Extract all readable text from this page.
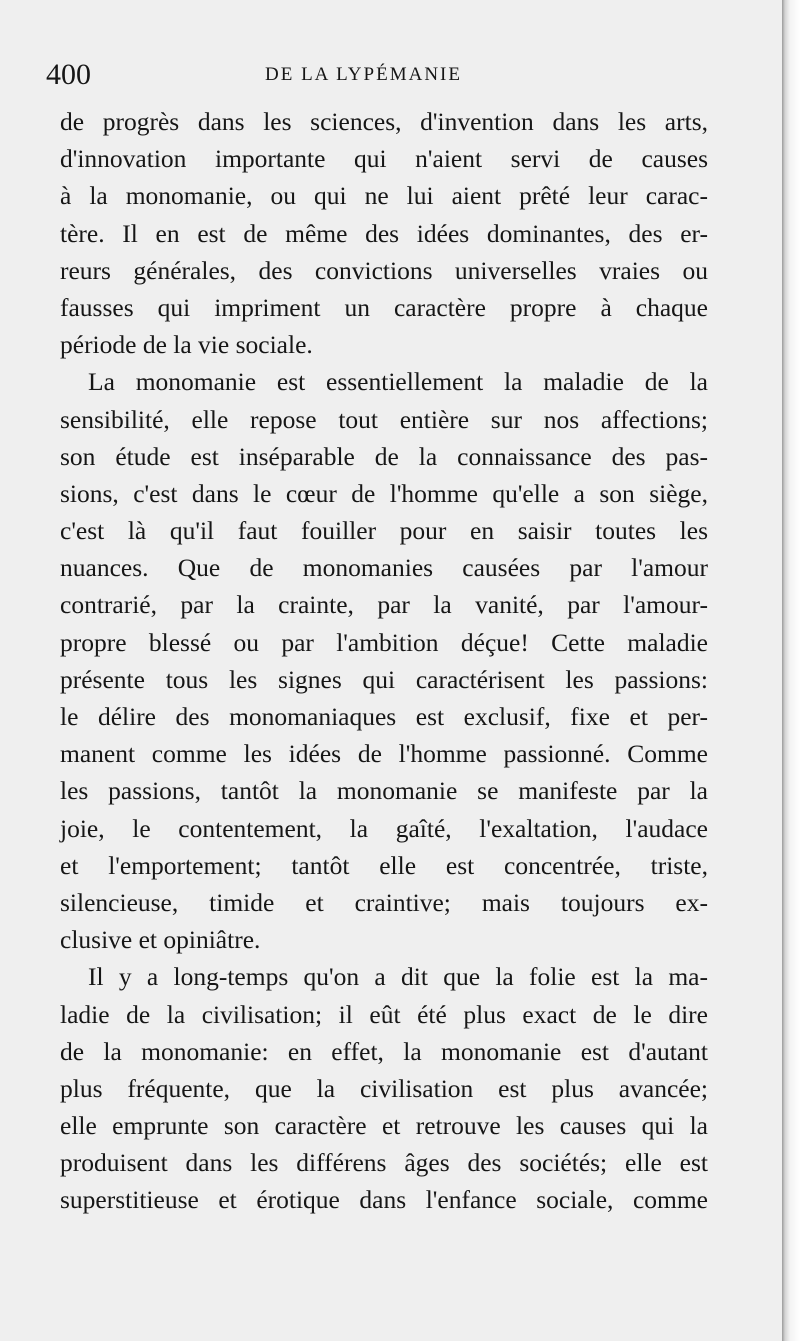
400	DE LA LYPÉMANIE
de progrès dans les sciences, d'invention dans les arts,
d'innovation importante qui n'aient servi de causes
à la monomanie, ou qui ne lui aient prêté leur carac-
tère. Il en est de même des idées dominantes, des er-
reurs générales, des convictions universelles vraies ou
fausses qui impriment un caractère propre à chaque
période de la vie sociale.
La monomanie est essentiellement la maladie de la
sensibilité, elle repose tout entière sur nos affections;
son étude est inséparable de la connaissance des pas-
sions, c'est dans le cœur de l'homme qu'elle a son siège,
c'est là qu'il faut fouiller pour en saisir toutes les
nuances. Que de monomanies causées par l'amour
contrarié, par la crainte, par la vanité, par l'amour-
propre blessé ou par l'ambition déçue! Cette maladie
présente tous les signes qui caractérisent les passions:
le délire des monomaniaques est exclusif, fixe et per-
manent comme les idées de l'homme passionné. Comme
les passions, tantôt la monomanie se manifeste par la
joie, le contentement, la gaîté, l'exaltation, l'audace
et l'emportement; tantôt elle est concentrée, triste,
silencieuse, timide et craintive; mais toujours ex-
clusive et opiniâtre.
Il y a long-temps qu'on a dit que la folie est la ma-
ladie de la civilisation; il eût été plus exact de le dire
de la monomanie: en effet, la monomanie est d'autant
plus fréquente, que la civilisation est plus avancée;
elle emprunte son caractère et retrouve les causes qui la
produisent dans les différens âges des sociétés; elle est
superstitieuse et érotique dans l'enfance sociale, comme
